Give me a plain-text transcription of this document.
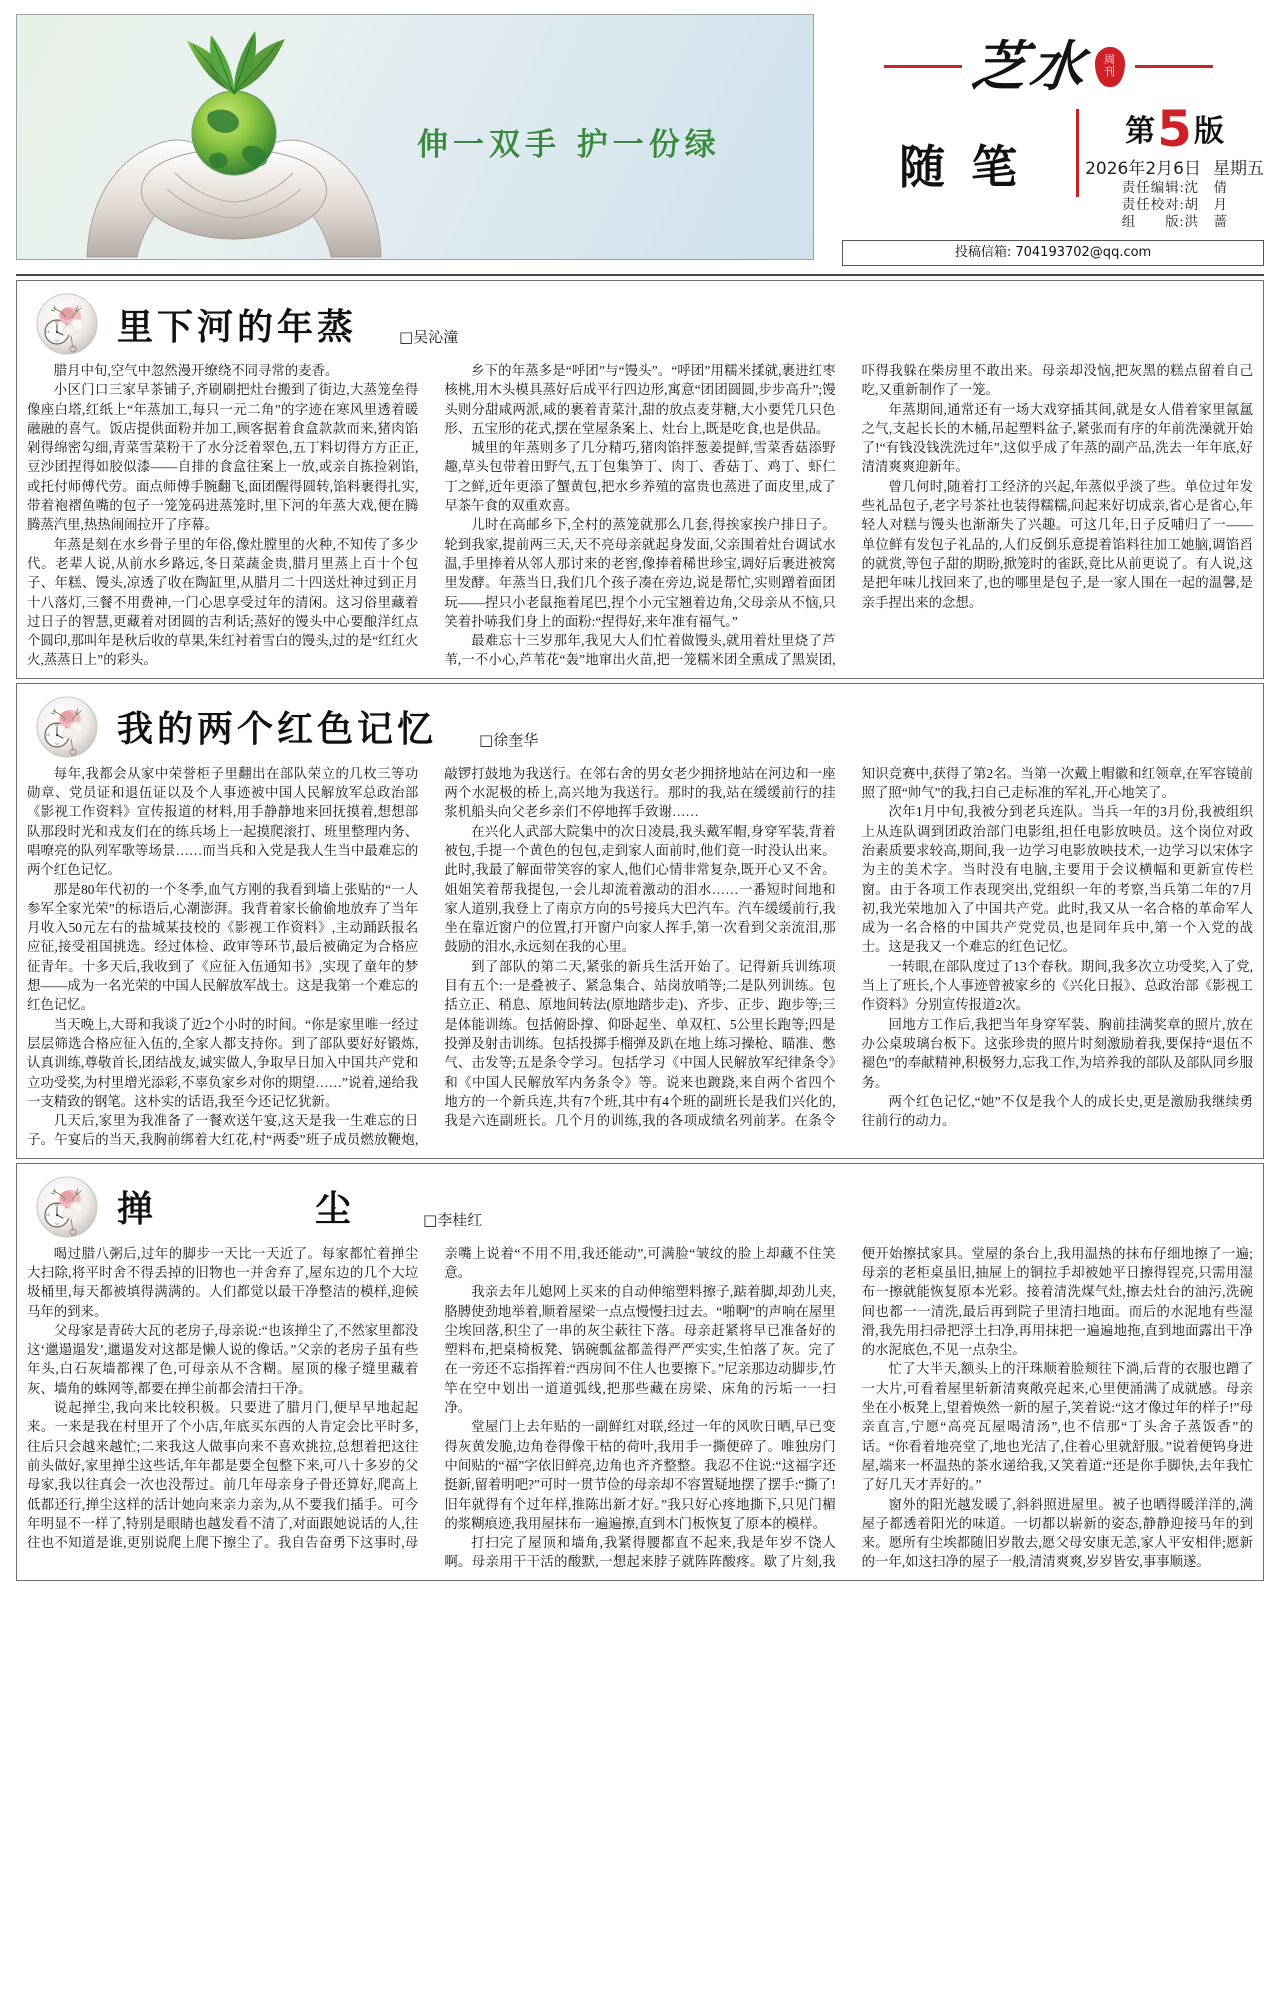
伸一双手 护一份绿
芝水	周
刊
随笔
第5版
2026年2月6日 星期五
责任编辑:沈　倩
责任校对:胡　月
组　　版:洪　蔷
投稿信箱: 704193702@qq.com
XII
VI
IX 里下河的年蒸	□吴沁潼

腊月中旬,空气中忽然漫开缭绕不同寻常的麦香。

小区门口三家早茶铺子,齐刷刷把灶台搬到了街边,大蒸笼垒得像座白塔,红纸上“年蒸加工,每只一元二角”的字迹在寒风里透着暖融融的喜气。饭店提供面粉并加工,顾客据着食盒款款而来,猪肉馅剁得绵密勾细,青菜雪菜粉干了水分泛着翠色,五丁料切得方方正正,豆沙团捏得如胶似漆——自排的食盒往案上一放,或亲自拣捡剁馅,或托付师傅代劳。面点师傅手腕翻飞,面团醒得圆转,馅料裹得扎实,带着袍褶鱼嘴的包子一笼笼码进蒸笼时,里下河的年蒸大戏,便在腾腾蒸汽里,热热闹闹拉开了序幕。

年蒸是刻在水乡骨子里的年俗,像灶膛里的火种,不知传了多少代。老辈人说,从前水乡路远,冬日菜蔬金贵,腊月里蒸上百十个包子、年糕、馒头,凉透了收在陶缸里,从腊月二十四送灶神过到正月十八落灯,三餐不用费神,一门心思享受过年的清闲。这习俗里藏着过日子的智慧,更藏着对团圆的吉利话;蒸好的馒头中心要酿洋红点个圆印,那叫年是秋后收的草果,朱红衬着雪白的馒头,过的是“红红火火,蒸蒸日上”的彩头。

乡下的年蒸多是“呼团”与“馒头”。“呼团”用糯米揉就,裹进红枣核桃,用木头模具蒸好后成平行四边形,寓意“团团圆圆,步步高升”;馒头则分甜咸两派,咸的裹着青菜汁,甜的放点麦芽糖,大小要凭几只色形、五宝形的花式,摆在堂屋条案上、灶台上,既是吃食,也是供品。

城里的年蒸则多了几分精巧,猪肉馅拌葱姜提鲜,雪菜香菇添野趣,草头包带着田野气,五丁包集笋丁、肉丁、香菇丁、鸡丁、虾仁丁之鲜,近年更添了蟹黄包,把水乡养殖的富贵也蒸进了面皮里,成了早茶午食的双重欢喜。

儿时在高邮乡下,全村的蒸笼就那么几套,得挨家挨户排日子。轮到我家,提前两三天,天不亮母亲就起身发面,父亲围着灶台调试水温,手里捧着从邻人那讨来的老窖,像捧着稀世珍宝,调好后裹进被窝里发酵。年蒸当日,我们几个孩子凑在旁边,说是帮忙,实则蹭着面团玩——捏只小老鼠拖着尾巴,捏个小元宝翘着边角,父母亲从不恼,只笑着扑哧我们身上的面粉:“捏得好,来年准有福气。”

最难忘十三岁那年,我见大人们忙着做馒头,就用着灶里烧了芦苇,一不小心,芦苇花“轰”地窜出火苗,把一笼糯米团全熏成了黑炭团,吓得我躲在柴房里不敢出来。母亲却没恼,把灰黑的糕点留着自己吃,又重新制作了一笼。

年蒸期间,通常还有一场大戏穿插其间,就是女人借着家里氤氲之气,支起长长的木桶,吊起塑料盆子,紧张而有序的年前洗澡就开始了!“有钱没钱洗洗过年”,这似乎成了年蒸的副产品,洗去一年年底,好清清爽爽迎新年。

曾几何时,随着打工经济的兴起,年蒸似乎淡了些。单位过年发些礼品包子,老字号茶社也装得糯糯,问起来好切成亲,省心是省心,年轻人对糕与馒头也渐渐失了兴趣。可这几年,日子反哺归了一——单位鲜有发包子礼品的,人们反倒乐意提着馅料往加工她脑,调馅舀的就赏,等包子甜的期盼,掀笼时的雀跃,竟比从前更说了。有人说,这是把年味儿找回来了,也的哪里是包子,是一家人围在一起的温馨,是亲手捏出来的念想。

XII
VI
IX 我的两个红色记忆	□徐奎华

每年,我都会从家中荣誉柜子里翻出在部队荣立的几枚三等功勋章、党员证和退伍证以及个人事迹被中国人民解放军总政治部《影视工作资料》宣传报道的材料,用手静静地来回抚摸着,想想部队那段时光和戎友们在的练兵场上一起摸爬滚打、班里整理内务、唱嘹亮的队列军歌等场景……而当兵和入党是我人生当中最难忘的两个红色记忆。

那是80年代初的一个冬季,血气方刚的我看到墙上张贴的“一人参军全家光荣”的标语后,心潮澎湃。我背着家长偷偷地放弃了当年月收入50元左右的盐城某技校的《影视工作资料》,主动踊跃报名应征,接受祖国挑选。经过体检、政审等环节,最后被确定为合格应征青年。十多天后,我收到了《应征入伍通知书》,实现了童年的梦想——成为一名光荣的中国人民解放军战士。这是我第一个难忘的红色记忆。

当天晚上,大哥和我谈了近2个小时的时间。“你是家里唯一经过层层筛选合格应征入伍的,全家人都支持你。到了部队要好好锻炼,认真训练,尊敬首长,团结战友,诚实做人,争取早日加入中国共产党和立功受奖,为村里增光添彩,不辜负家乡对你的期望……”说着,递给我一支精致的钢笔。这朴实的话语,我至今还记忆犹新。

几天后,家里为我准备了一餐欢送午宴,这天是我一生难忘的日子。午宴后的当天,我胸前绑着大红花,村“两委”班子成员燃放鞭炮,敲锣打鼓地为我送行。在邻右舍的男女老少拥挤地站在河边和一座两个水泥极的桥上,高兴地为我送行。那时的我,站在缓缓前行的挂浆机船头向父老乡亲们不停地挥手致谢……

在兴化人武部大院集中的次日凌晨,我头戴军帽,身穿军装,背着被包,手提一个黄色的包包,走到家人面前时,他们竟一时没认出来。此时,我最了解面带笑容的家人,他们心情非常复杂,既开心又不舍。姐姐笑着帮我提包,一会儿却流着激动的泪水……一番短时间地和家人道别,我登上了南京方向的5号接兵大巴汽车。汽车缓缓前行,我坐在靠近窗户的位置,打开窗户向家人挥手,第一次看到父亲流泪,那鼓励的泪水,永远刻在我的心里。

到了部队的第二天,紧张的新兵生活开始了。记得新兵训练项目有五个:一是叠被子、紧急集合、站岗放哨等;二是队列训练。包括立正、稍息、原地间转法(原地踏步走)、齐步、正步、跑步等;三是体能训练。包括俯卧撑、仰卧起坐、单双杠、5公里长跑等;四是投弹及射击训练。包括投掷手榴弹及趴在地上练习操枪、瞄准、憋气、击发等;五是条令学习。包括学习《中国人民解放军纪律条令》和《中国人民解放军内务条令》等。说来也踱跷,来自两个省四个地方的一个新兵连,共有7个班,其中有4个班的副班长是我们兴化的,我是六连副班长。几个月的训练,我的各项成绩名列前茅。在条令知识竞赛中,获得了第2名。当第一次戴上帽徽和红领章,在军容镜前照了照“帅气”的我,扫自己走标准的军礼,开心地笑了。

次年1月中旬,我被分到老兵连队。当兵一年的3月份,我被组织上从连队调到团政治部门电影组,担任电影放映员。这个岗位对政治素质要求较高,期间,我一边学习电影放映技术,一边学习以宋体字为主的美术字。当时没有电脑,主要用于会议横幅和更新宣传栏窗。由于各项工作表现突出,党组织一年的考察,当兵第二年的7月初,我光荣地加入了中国共产党。此时,我又从一名合格的革命军人成为一名合格的中国共产党党员,也是同年兵中,第一个入党的战士。这是我又一个难忘的红色记忆。

一转眼,在部队度过了13个春秋。期间,我多次立功受奖,入了党,当上了班长,个人事迹曾被家乡的《兴化日报》、总政治部《影视工作资料》分别宣传报道2次。

回地方工作后,我把当年身穿军装、胸前挂满奖章的照片,放在办公桌玻璃台板下。这张珍贵的照片时刻激励着我,要保持“退伍不褪色”的奉献精神,积极努力,忘我工作,为培养我的部队及部队同乡服务。

两个红色记忆,“她”不仅是我个人的成长史,更是激励我继续勇往前行的动力。

XII
VI
IX 掸　　尘	□李桂红

喝过腊八粥后,过年的脚步一天比一天近了。每家都忙着掸尘大扫除,将平时舍不得丢掉的旧物也一并舍弃了,屋东边的几个大垃圾桶里,每天都被填得满满的。人们都觉以最干净整洁的模样,迎候马年的到来。

父母家是青砖大瓦的老房子,母亲说:“也该掸尘了,不然家里都没这‘邋遢遢发’,邋遢发对这都是懒人说的像话。”父亲的老房子虽有些年头,白石灰墙都裸了色,可母亲从不含糊。屋顶的椽子缝里藏着灰、墙角的蛛网等,都要在掸尘前都会清扫干净。

说起掸尘,我向来比较积极。只要进了腊月门,便早早地起起来。一来是我在村里开了个小店,年底买东西的人肯定会比平时多,往后只会越来越忙;二来我这人做事向来不喜欢挑拉,总想着把这往前头做好,家里掸尘这些话,年年都是要全包整下来,可八十多岁的父母家,我以往真会一次也没帮过。前几年母亲身子骨还算好,爬高上低都还行,掸尘这样的活计她向来亲力亲为,从不要我们插手。可今年明显不一样了,特别是眼睛也越发看不清了,对面跟她说话的人,往往也不知道是谁,更别说爬上爬下擦尘了。我自告奋勇下这事时,母亲嘴上说着“不用不用,我还能动”,可满脸“皱纹的脸上却藏不住笑意。

我亲去年儿媳网上买来的自动伸缩塑料擦子,踮着脚,却劲儿夹,胳膊使劲地举着,顺着屋梁一点点慢慢扫过去。“啪啊”的声响在屋里尘埃回落,积尘了一串的灰尘蔌往下落。母亲赶紧将早已准备好的塑料布,把桌椅板凳、锅碗瓢盆都盖得严严实实,生怕落了灰。完了在一旁还不忘指挥着:“西房间不住人也要擦下。”尼亲那边动脚步,竹竿在空中划出一道道弧线,把那些藏在房梁、床角的污垢一一扫净。

堂屋门上去年贴的一副鲜红对联,经过一年的风吹日晒,早已变得灰黄发脆,边角卷得像干枯的荷叶,我用手一撕便碎了。唯独房门中间贴的“福”字依旧鲜亮,边角也齐齐整整。我忍不住说:“这福字还挺新,留着明吧?”可时一贯节俭的母亲却不容置疑地摆了摆手:“撕了!旧年就得有个过年样,推陈出新才好。”我只好心疼地撕下,只见门楣的浆糊痕迹,我用屋抹布一遍遍擦,直到木门板恢复了原本的模样。

打扫完了屋顶和墙角,我紧得腰都直不起来,我是年岁不饶人啊。母亲用干干活的酸默,一想起来脖子就阵阵酸疼。歇了片刻,我便开始擦拭家具。堂屋的条台上,我用温热的抹布仔细地擦了一遍;母亲的老柜桌虽旧,抽屉上的铜拉手却被她平日擦得锃亮,只需用湿布一擦就能恢复原本光彩。接着清洗煤气灶,擦去灶台的油污,洗碗间也都一一清洗,最后再到院子里清扫地面。而后的水泥地有些湿滑,我先用扫帚把浮土扫净,再用抹把一遍遍地拖,直到地面露出干净的水泥底色,不见一点杂尘。

忙了大半天,额头上的汗珠顺着脸颊往下淌,后背的衣服也蹭了一大片,可看着屋里斩新清爽敞亮起来,心里便涌满了成就感。母亲坐在小板凳上,望着焕然一新的屋子,笑着说:“这才像过年的样子!”母亲直言,宁愿“高亮瓦屋喝清汤”,也不信那“丁头舍子蒸饭香”的话。“你看着地亮堂了,地也光洁了,住着心里就舒服。”说着便钨身进屋,端来一杯温热的茶水递给我,又笑着道:“还是你手脚快,去年我忙了好几天才弄好的。”

窗外的阳光越发暖了,斜斜照进屋里。被子也晒得暖洋洋的,满屋子都透着阳光的味道。一切都以崭新的姿态,静静迎接马年的到来。愿所有尘埃都随旧岁散去,愿父母安康无恙,家人平安相伴;愿新的一年,如这扫净的屋子一般,清清爽爽,岁岁皆安,事事顺遂。
